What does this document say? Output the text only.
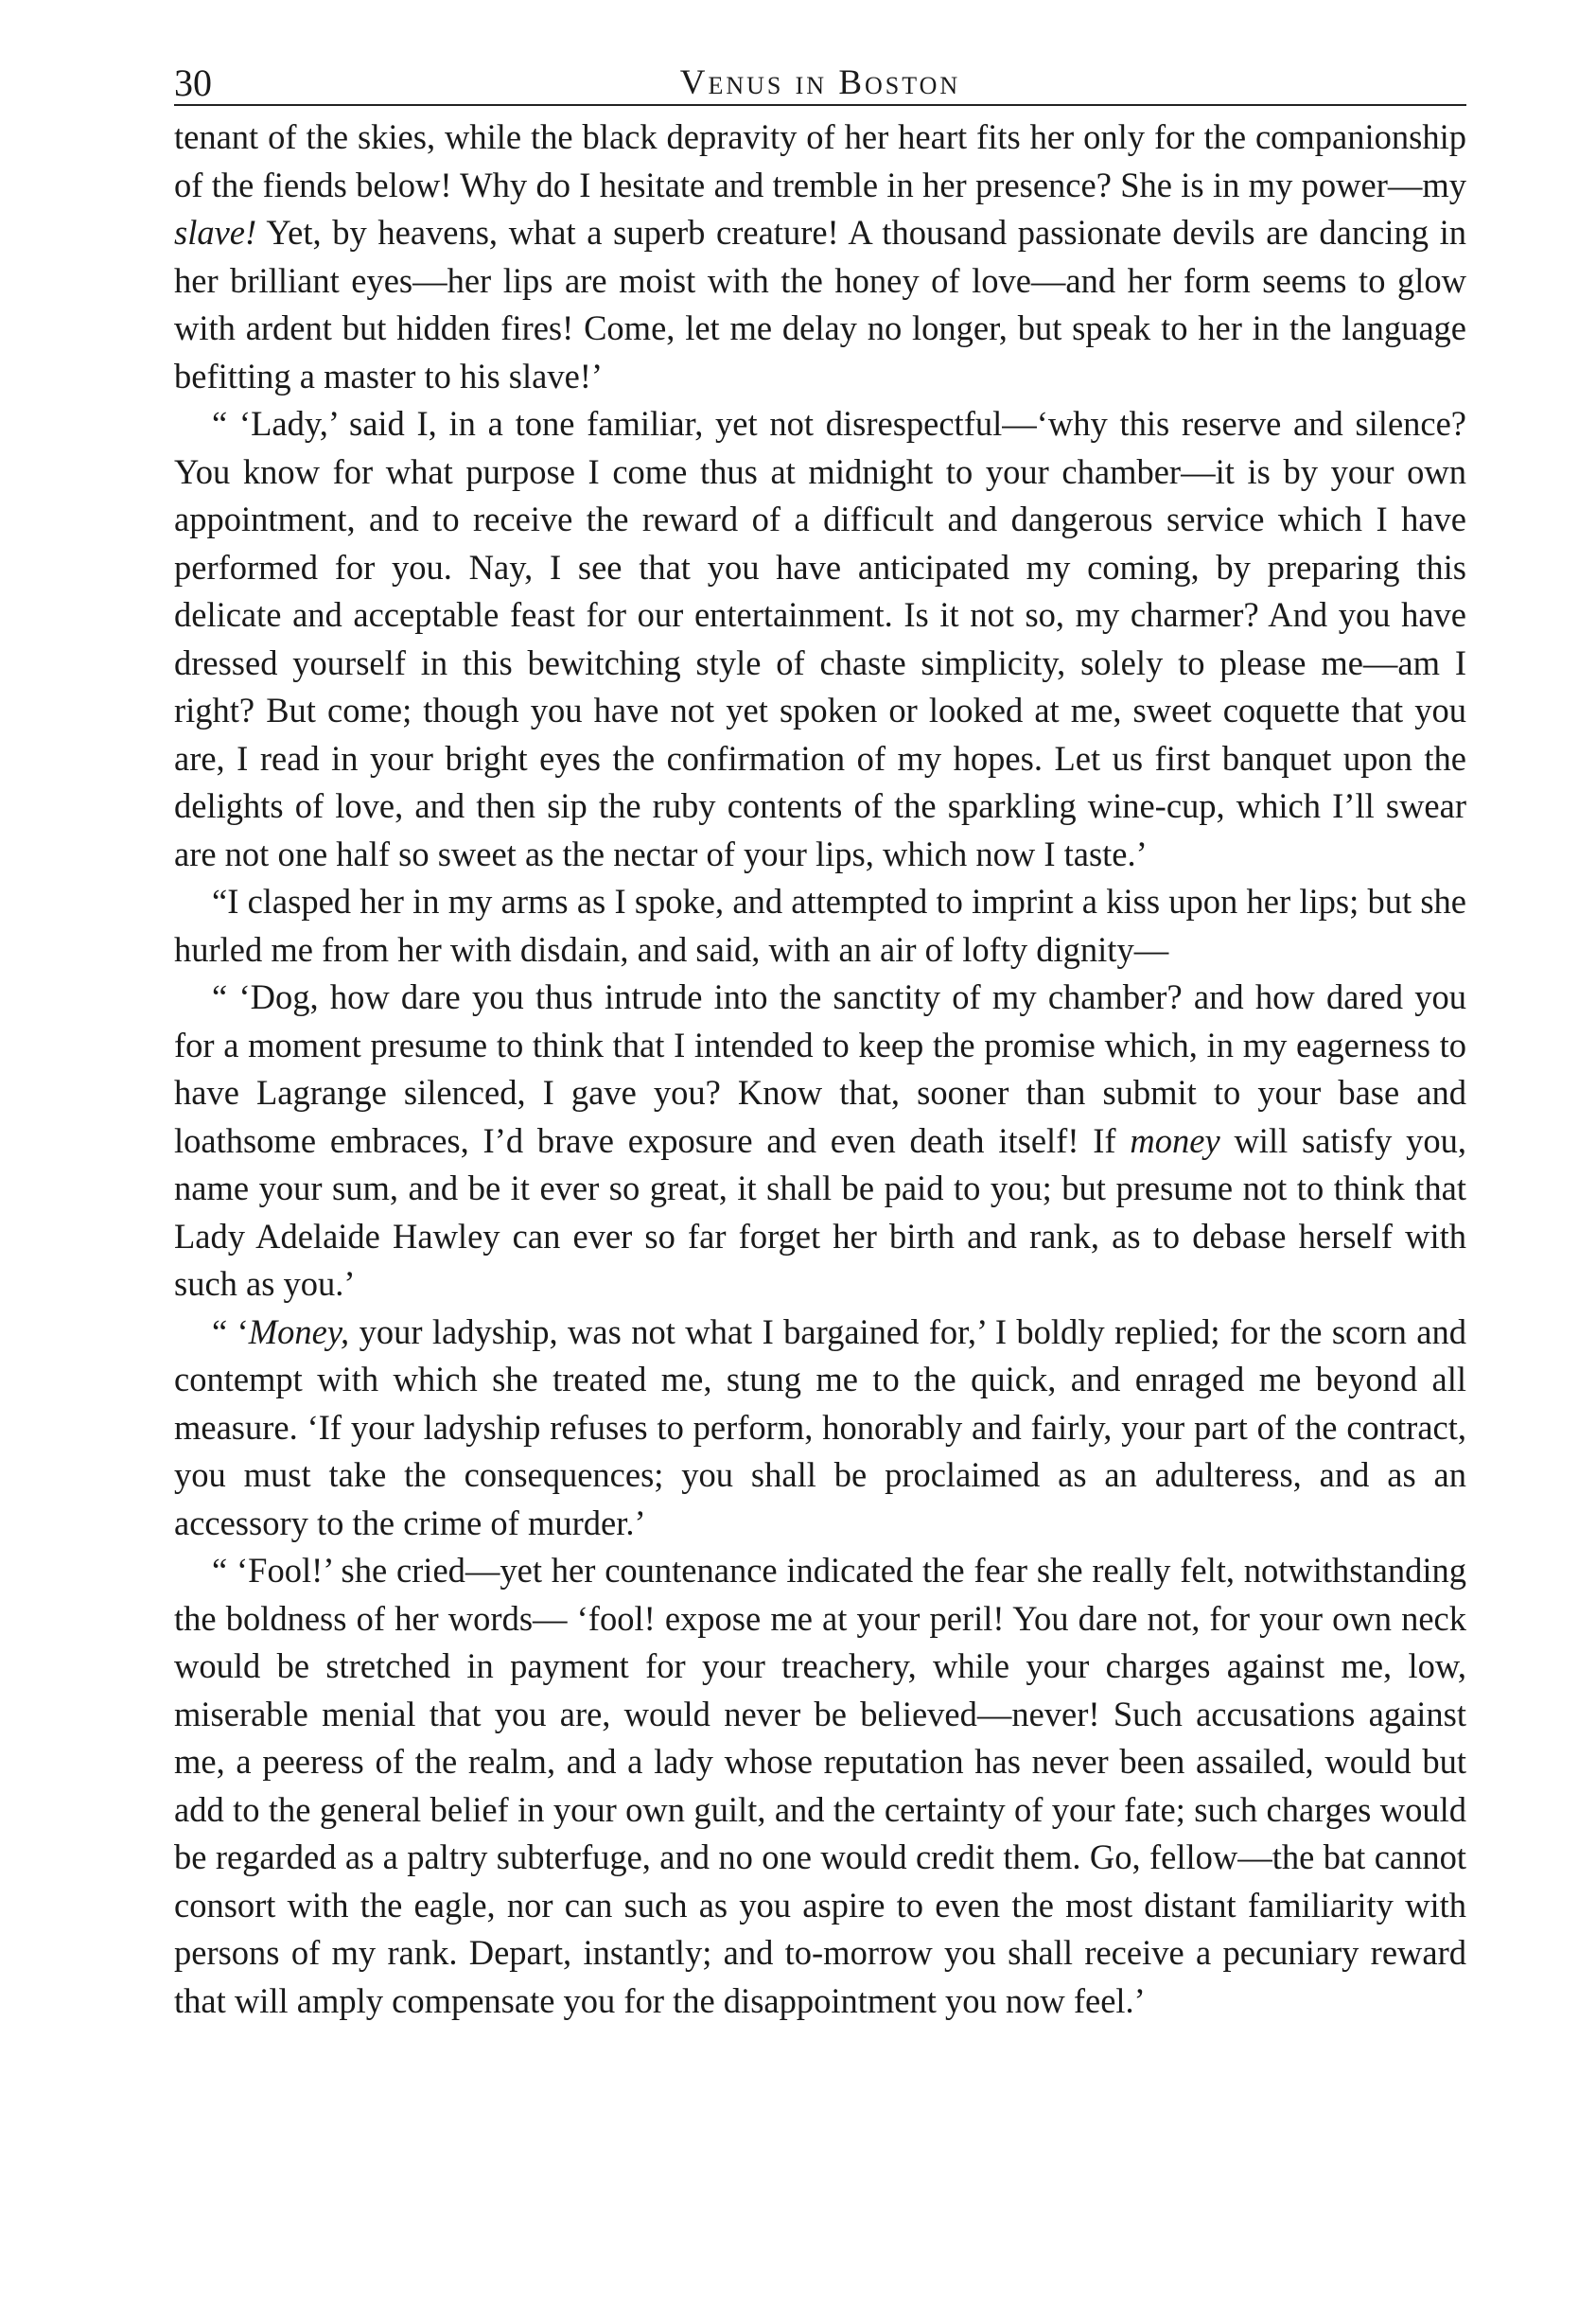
30	Venus in Boston

tenant of the skies, while the black depravity of her heart fits her only for the companionship of the fiends below! Why do I hesitate and tremble in her presence? She is in my power—my slave! Yet, by heavens, what a superb creature! A thousand passionate devils are dancing in her brilliant eyes—her lips are moist with the honey of love—and her form seems to glow with ardent but hidden fires! Come, let me delay no longer, but speak to her in the language befitting a master to his slave!’

“ ‘Lady,’ said I, in a tone familiar, yet not disrespectful—‘why this reserve and silence? You know for what purpose I come thus at midnight to your chamber—it is by your own appointment, and to receive the reward of a difficult and dangerous service which I have performed for you. Nay, I see that you have anticipated my coming, by preparing this delicate and acceptable feast for our entertainment. Is it not so, my charmer? And you have dressed yourself in this bewitching style of chaste simplicity, solely to please me—am I right? But come; though you have not yet spoken or looked at me, sweet coquette that you are, I read in your bright eyes the confirmation of my hopes. Let us first banquet upon the delights of love, and then sip the ruby contents of the sparkling wine-cup, which I’ll swear are not one half so sweet as the nectar of your lips, which now I taste.’

“I clasped her in my arms as I spoke, and attempted to imprint a kiss upon her lips; but she hurled me from her with disdain, and said, with an air of lofty dignity—

“ ‘Dog, how dare you thus intrude into the sanctity of my chamber? and how dared you for a moment presume to think that I intended to keep the promise which, in my eagerness to have Lagrange silenced, I gave you? Know that, sooner than submit to your base and loathsome embraces, I’d brave exposure and even death itself! If money will satisfy you, name your sum, and be it ever so great, it shall be paid to you; but presume not to think that Lady Adelaide Hawley can ever so far forget her birth and rank, as to debase herself with such as you.’

“ ‘Money, your ladyship, was not what I bargained for,’ I boldly replied; for the scorn and contempt with which she treated me, stung me to the quick, and enraged me beyond all measure. ‘If your ladyship refuses to perform, honorably and fairly, your part of the contract, you must take the consequences; you shall be proclaimed as an adulteress, and as an accessory to the crime of murder.’

“ ‘Fool!’ she cried—yet her countenance indicated the fear she really felt, notwithstanding the boldness of her words— ‘fool! expose me at your peril! You dare not, for your own neck would be stretched in payment for your treachery, while your charges against me, low, miserable menial that you are, would never be believed—never! Such accusations against me, a peeress of the realm, and a lady whose reputation has never been assailed, would but add to the general belief in your own guilt, and the certainty of your fate; such charges would be regarded as a paltry subterfuge, and no one would credit them. Go, fellow—the bat cannot consort with the eagle, nor can such as you aspire to even the most distant familiarity with persons of my rank. Depart, instantly; and to-morrow you shall receive a pecuniary reward that will amply compensate you for the disappointment you now feel.’
